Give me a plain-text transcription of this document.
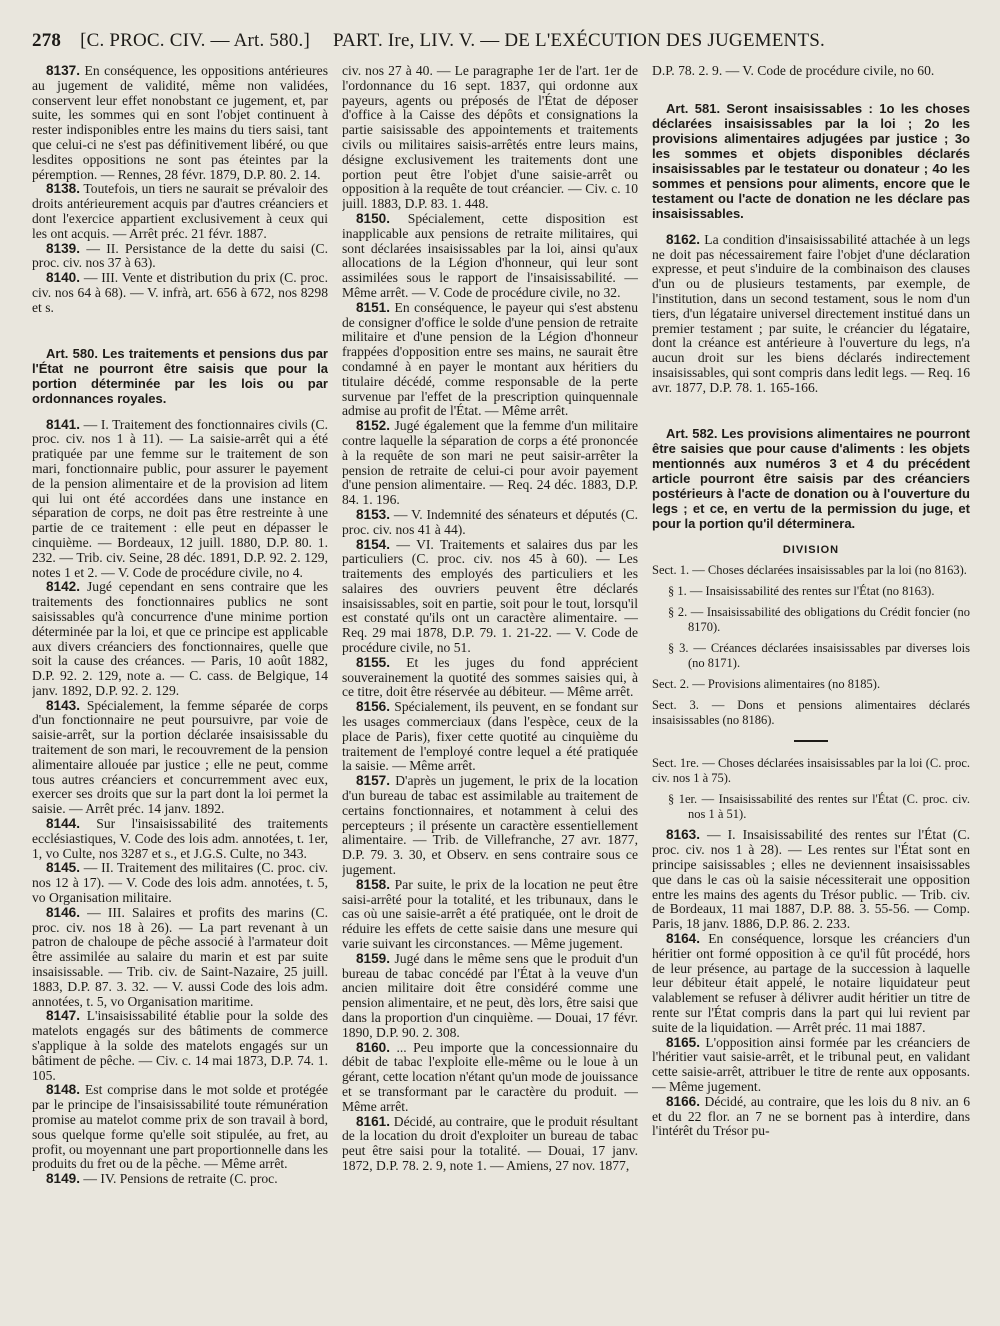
278 [C. PROC. CIV. — Art. 580.] PART. Ire, LIV. V. — DE L'EXÉCUTION DES JUGEMENTS.

8137. En conséquence, les oppositions antérieures au jugement de validité, même non validées, conservent leur effet nonobstant ce jugement, et, par suite, les sommes qui en sont l'objet continuent à rester indisponibles entre les mains du tiers saisi, tant que celui-ci ne s'est pas définitivement libéré, ou que lesdites oppositions ne sont pas éteintes par la péremption. — Rennes, 28 févr. 1879, D.P. 80. 2. 14.

8138. Toutefois, un tiers ne saurait se prévaloir des droits antérieurement acquis par d'autres créanciers et dont l'exercice appartient exclusivement à ceux qui les ont acquis. — Arrêt préc. 21 févr. 1887.

8139. — II. Persistance de la dette du saisi (C. proc. civ. nos 37 à 63).

8140. — III. Vente et distribution du prix (C. proc. civ. nos 64 à 68). — V. infrà, art. 656 à 672, nos 8298 et s.

Art. 580. Les traitements et pensions dus par l'État ne pourront être saisis que pour la portion déterminée par les lois ou par ordonnances royales.

8141. — I. Traitement des fonctionnaires civils (C. proc. civ. nos 1 à 11). — La saisie-arrêt qui a été pratiquée par une femme sur le traitement de son mari, fonctionnaire public, pour assurer le payement de la pension alimentaire et de la provision ad litem qui lui ont été accordées dans une instance en séparation de corps, ne doit pas être restreinte à une partie de ce traitement : elle peut en dépasser le cinquième. — Bordeaux, 12 juill. 1880, D.P. 80. 1. 232. — Trib. civ. Seine, 28 déc. 1891, D.P. 92. 2. 129, notes 1 et 2. — V. Code de procédure civile, no 4.

8142. Jugé cependant en sens contraire que les traitements des fonctionnaires publics ne sont saisissables qu'à concurrence d'une minime portion déterminée par la loi, et que ce principe est applicable aux divers créanciers des fonctionnaires, quelle que soit la cause des créances. — Paris, 10 août 1882, D.P. 92. 2. 129, note a. — C. cass. de Belgique, 14 janv. 1892, D.P. 92. 2. 129.

8143. Spécialement, la femme séparée de corps d'un fonctionnaire ne peut poursuivre, par voie de saisie-arrêt, sur la portion déclarée insaisissable du traitement de son mari, le recouvrement de la pension alimentaire allouée par justice ; elle ne peut, comme tous autres créanciers et concurremment avec eux, exercer ses droits que sur la part dont la loi permet la saisie. — Arrêt préc. 14 janv. 1892.

8144. Sur l'insaisissabilité des traitements ecclésiastiques, V. Code des lois adm. annotées, t. 1er, 1, vo Culte, nos 3287 et s., et J.G.S. Culte, no 343.

8145. — II. Traitement des militaires (C. proc. civ. nos 12 à 17). — V. Code des lois adm. annotées, t. 5, vo Organisation militaire.

8146. — III. Salaires et profits des marins (C. proc. civ. nos 18 à 26). — La part revenant à un patron de chaloupe de pêche associé à l'armateur doit être assimilée au salaire du marin et est par suite insaisissable. — Trib. civ. de Saint-Nazaire, 25 juill. 1883, D.P. 87. 3. 32. — V. aussi Code des lois adm. annotées, t. 5, vo Organisation maritime.

8147. L'insaisissabilité établie pour la solde des matelots engagés sur des bâtiments de commerce s'applique à la solde des matelots engagés sur un bâtiment de pêche. — Civ. c. 14 mai 1873, D.P. 74. 1. 105.

8148. Est comprise dans le mot solde et protégée par le principe de l'insaisissabilité toute rémunération promise au matelot comme prix de son travail à bord, sous quelque forme qu'elle soit stipulée, au fret, au profit, ou moyennant une part proportionnelle dans les produits du fret ou de la pêche. — Même arrêt.

8149. — IV. Pensions de retraite (C. proc.

civ. nos 27 à 40. — Le paragraphe 1er de l'art. 1er de l'ordonnance du 16 sept. 1837, qui ordonne aux payeurs, agents ou préposés de l'État de déposer d'office à la Caisse des dépôts et consignations la partie saisissable des appointements et traitements civils ou militaires saisis-arrêtés entre leurs mains, désigne exclusivement les traitements dont une portion peut être l'objet d'une saisie-arrêt ou opposition à la requête de tout créancier. — Civ. c. 10 juill. 1883, D.P. 83. 1. 448.

8150. Spécialement, cette disposition est inapplicable aux pensions de retraite militaires, qui sont déclarées insaisissables par la loi, ainsi qu'aux allocations de la Légion d'honneur, qui leur sont assimilées sous le rapport de l'insaisissabilité. — Même arrêt. — V. Code de procédure civile, no 32.

8151. En conséquence, le payeur qui s'est abstenu de consigner d'office le solde d'une pension de retraite militaire et d'une pension de la Légion d'honneur frappées d'opposition entre ses mains, ne saurait être condamné à en payer le montant aux héritiers du titulaire décédé, comme responsable de la perte survenue par l'effet de la prescription quinquennale admise au profit de l'État. — Même arrêt.

8152. Jugé également que la femme d'un militaire contre laquelle la séparation de corps a été prononcée à la requête de son mari ne peut saisir-arrêter la pension de retraite de celui-ci pour avoir payement d'une pension alimentaire. — Req. 24 déc. 1883, D.P. 84. 1. 196.

8153. — V. Indemnité des sénateurs et députés (C. proc. civ. nos 41 à 44).

8154. — VI. Traitements et salaires dus par les particuliers (C. proc. civ. nos 45 à 60). — Les traitements des employés des particuliers et les salaires des ouvriers peuvent être déclarés insaisissables, soit en partie, soit pour le tout, lorsqu'il est constaté qu'ils ont un caractère alimentaire. — Req. 29 mai 1878, D.P. 79. 1. 21-22. — V. Code de procédure civile, no 51.

8155. Et les juges du fond apprécient souverainement la quotité des sommes saisies qui, à ce titre, doit être réservée au débiteur. — Même arrêt.

8156. Spécialement, ils peuvent, en se fondant sur les usages commerciaux (dans l'espèce, ceux de la place de Paris), fixer cette quotité au cinquième du traitement de l'employé contre lequel a été pratiquée la saisie. — Même arrêt.

8157. D'après un jugement, le prix de la location d'un bureau de tabac est assimilable au traitement de certains fonctionnaires, et notamment à celui des percepteurs ; il présente un caractère essentiellement alimentaire. — Trib. de Villefranche, 27 avr. 1877, D.P. 79. 3. 30, et Observ. en sens contraire sous ce jugement.

8158. Par suite, le prix de la location ne peut être saisi-arrêté pour la totalité, et les tribunaux, dans le cas où une saisie-arrêt a été pratiquée, ont le droit de réduire les effets de cette saisie dans une mesure qui varie suivant les circonstances. — Même jugement.

8159. Jugé dans le même sens que le produit d'un bureau de tabac concédé par l'État à la veuve d'un ancien militaire doit être considéré comme une pension alimentaire, et ne peut, dès lors, être saisi que dans la proportion d'un cinquième. — Douai, 17 févr. 1890, D.P. 90. 2. 308.

8160. ... Peu importe que la concessionnaire du débit de tabac l'exploite elle-même ou le loue à un gérant, cette location n'étant qu'un mode de jouissance et se transformant par le caractère du produit. — Même arrêt.

8161. Décidé, au contraire, que le produit résultant de la location du droit d'exploiter un bureau de tabac peut être saisi pour la totalité. — Douai, 17 janv. 1872, D.P. 78. 2. 9, note 1. — Amiens, 27 nov. 1877,

D.P. 78. 2. 9. — V. Code de procédure civile, no 60.

Art. 581. Seront insaisissables : 1o les choses déclarées insaisissables par la loi ; 2o les provisions alimentaires adjugées par justice ; 3o les sommes et objets disponibles déclarés insaisissables par le testateur ou donateur ; 4o les sommes et pensions pour aliments, encore que le testament ou l'acte de donation ne les déclare pas insaisissables.

8162. La condition d'insaisissabilité attachée à un legs ne doit pas nécessairement faire l'objet d'une déclaration expresse, et peut s'induire de la combinaison des clauses d'un ou de plusieurs testaments, par exemple, de l'institution, dans un second testament, sous le nom d'un tiers, d'un légataire universel directement institué dans un premier testament ; par suite, le créancier du légataire, dont la créance est antérieure à l'ouverture du legs, n'a aucun droit sur les biens déclarés indirectement insaisissables, qui sont compris dans ledit legs. — Req. 16 avr. 1877, D.P. 78. 1. 165-166.

Art. 582. Les provisions alimentaires ne pourront être saisies que pour cause d'aliments : les objets mentionnés aux numéros 3 et 4 du précédent article pourront être saisis par des créanciers postérieurs à l'acte de donation ou à l'ouverture du legs ; et ce, en vertu de la permission du juge, et pour la portion qu'il déterminera.

DIVISION

Sect. 1. — Choses déclarées insaisissables par la loi (no 8163).

§ 1. — Insaisissabilité des rentes sur l'État (no 8163).

§ 2. — Insaisissabilité des obligations du Crédit foncier (no 8170).

§ 3. — Créances déclarées insaisissables par diverses lois (no 8171).

Sect. 2. — Provisions alimentaires (no 8185).

Sect. 3. — Dons et pensions alimentaires déclarés insaisissables (no 8186).

Sect. 1re. — Choses déclarées insaisissables par la loi (C. proc. civ. nos 1 à 75).

§ 1er. — Insaisissabilité des rentes sur l'État (C. proc. civ. nos 1 à 51).

8163. — I. Insaisissabilité des rentes sur l'État (C. proc. civ. nos 1 à 28). — Les rentes sur l'État sont en principe saisissables ; elles ne deviennent insaisissables que dans le cas où la saisie nécessiterait une opposition entre les mains des agents du Trésor public. — Trib. civ. de Bordeaux, 11 mai 1887, D.P. 88. 3. 55-56. — Comp. Paris, 18 janv. 1886, D.P. 86. 2. 233.

8164. En conséquence, lorsque les créanciers d'un héritier ont formé opposition à ce qu'il fût procédé, hors de leur présence, au partage de la succession à laquelle leur débiteur était appelé, le notaire liquidateur peut valablement se refuser à délivrer audit héritier un titre de rente sur l'État compris dans la part qui lui revient par suite de la liquidation. — Arrêt préc. 11 mai 1887.

8165. L'opposition ainsi formée par les créanciers de l'héritier vaut saisie-arrêt, et le tribunal peut, en validant cette saisie-arrêt, attribuer le titre de rente aux opposants. — Même jugement.

8166. Décidé, au contraire, que les lois du 8 niv. an 6 et du 22 flor. an 7 ne se bornent pas à interdire, dans l'intérêt du Trésor pu-
